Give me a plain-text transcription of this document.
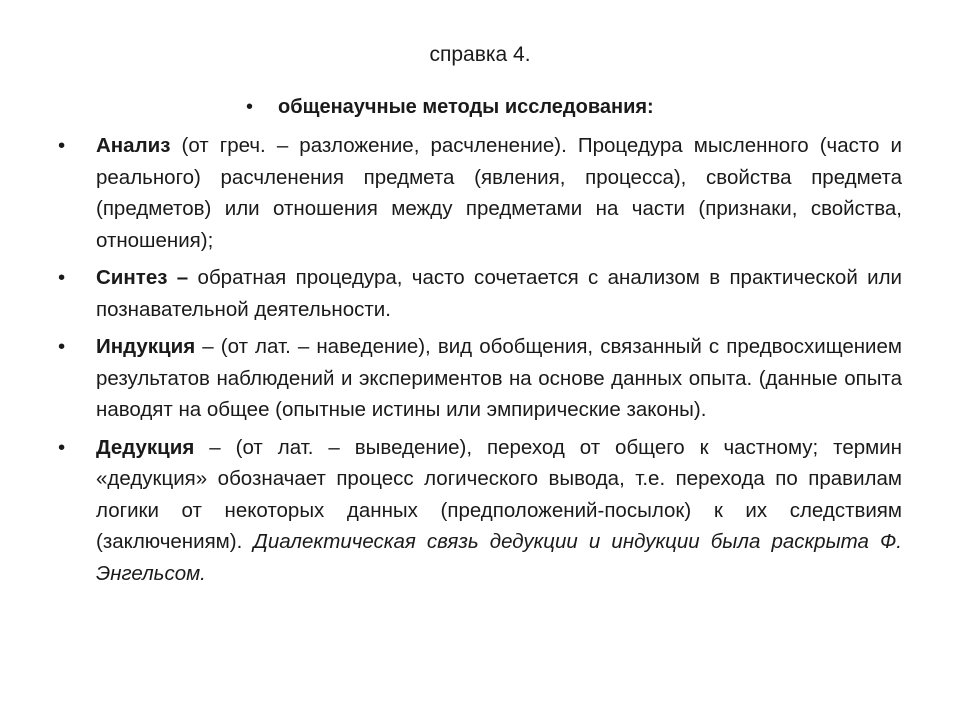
справка 4.
• общенаучные методы исследования:
•	Анализ (от греч. – разложение, расчленение). Процедура мысленного (часто и реального) расчленения предмета (явления, процесса), свойства предмета (предметов) или отношения между предметами на части (признаки, свойства, отношения);
•	Синтез – обратная процедура, часто сочетается с анализом в практической или познавательной деятельности.
•	Индукция – (от лат. – наведение), вид обобщения, связанный с предвосхищением результатов наблюдений и экспериментов на основе данных опыта. (данные опыта наводят на общее (опытные истины или эмпирические законы).
•	Дедукция – (от лат. – выведение), переход от общего к частному; термин «дедукция» обозначает процесс логического вывода, т.е. перехода по правилам логики от некоторых данных (предположений-посылок) к их следствиям (заключениям). Диалектическая связь дедукции и индукции была раскрыта Ф. Энгельсом.
